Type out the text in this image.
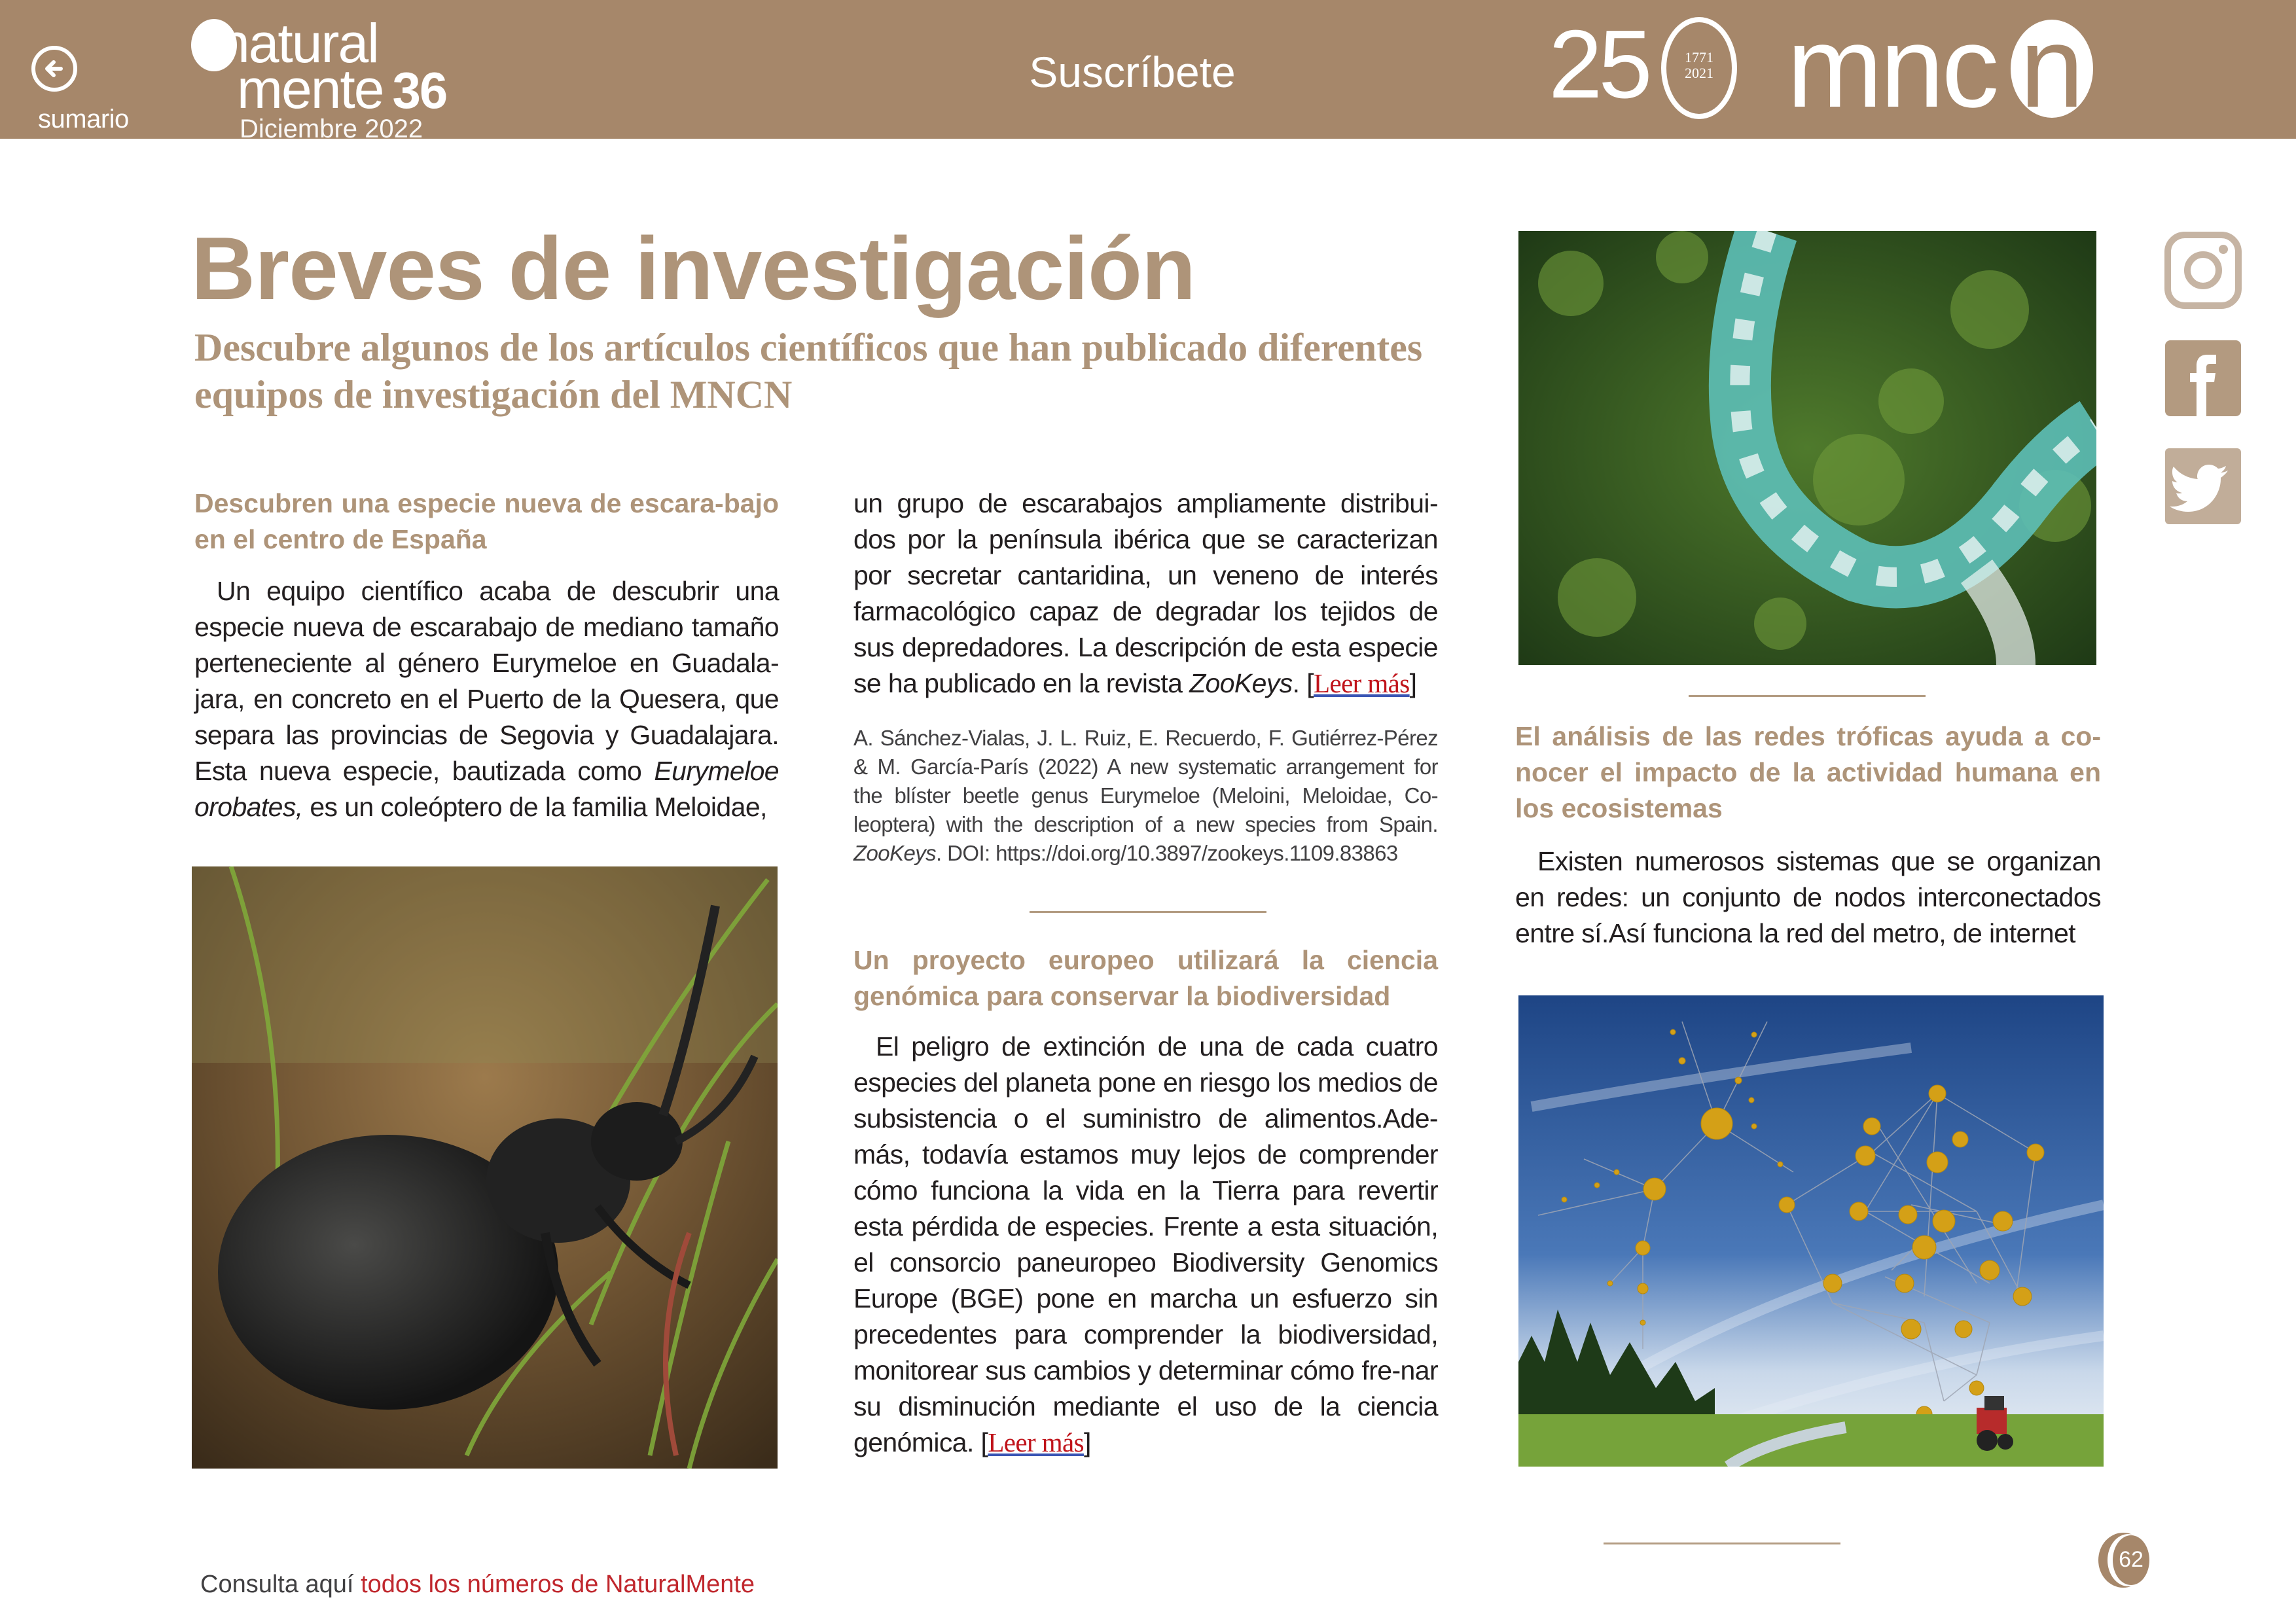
sumario
natural
mente 36
Diciembre 2022
Suscríbete	25	1771
2021 mnc n
Breves de investigación
Descubre algunos de los artículos científicos que han publicado diferentes equipos de investigación del MNCN

Descubren una especie nueva de escara-bajo en el centro de España

Un equipo científico acaba de descubrir una especie nueva de escarabajo de mediano tamaño perteneciente al género Eurymeloe en Guadala-jara, en concreto en el Puerto de la Quesera, que separa las provincias de Segovia y Guadalajara. Esta nueva especie, bautizada como Eurymeloe orobates, es un coleóptero de la familia Meloidae,

un grupo de escarabajos ampliamente distribui-dos por la península ibérica que se caracterizan por secretar cantaridina, un veneno de interés farmacológico capaz de degradar los tejidos de sus depredadores. La descripción de esta especie se ha publicado en la revista ZooKeys. [Leer más]

A. Sánchez-Vialas, J. L. Ruiz, E. Recuerdo, F. Gutiérrez-Pérez & M. García-París (2022) A new systematic arrangement for the blíster beetle genus Eurymeloe (Meloini, Meloidae, Co-leoptera) with the description of a new species from Spain. ZooKeys. DOI: https://doi.org/10.3897/zookeys.1109.83863

Un proyecto europeo utilizará la ciencia genómica para conservar la biodiversidad

El peligro de extinción de una de cada cuatro especies del planeta pone en riesgo los medios de subsistencia o el suministro de alimentos.Ade-más, todavía estamos muy lejos de comprender cómo funciona la vida en la Tierra para revertir esta pérdida de especies. Frente a esta situación, el consorcio paneuropeo Biodiversity Genomics Europe (BGE) pone en marcha un esfuerzo sin precedentes para comprender la biodiversidad, monitorear sus cambios y determinar cómo fre-nar su disminución mediante el uso de la ciencia genómica. [Leer más]

El análisis de las redes tróficas ayuda a co-nocer el impacto de la actividad humana en los ecosistemas

Existen numerosos sistemas que se organizan en redes: un conjunto de nodos interconectados entre sí.Así funciona la red del metro, de internet

Consulta aquí todos los números de NaturalMente
62
